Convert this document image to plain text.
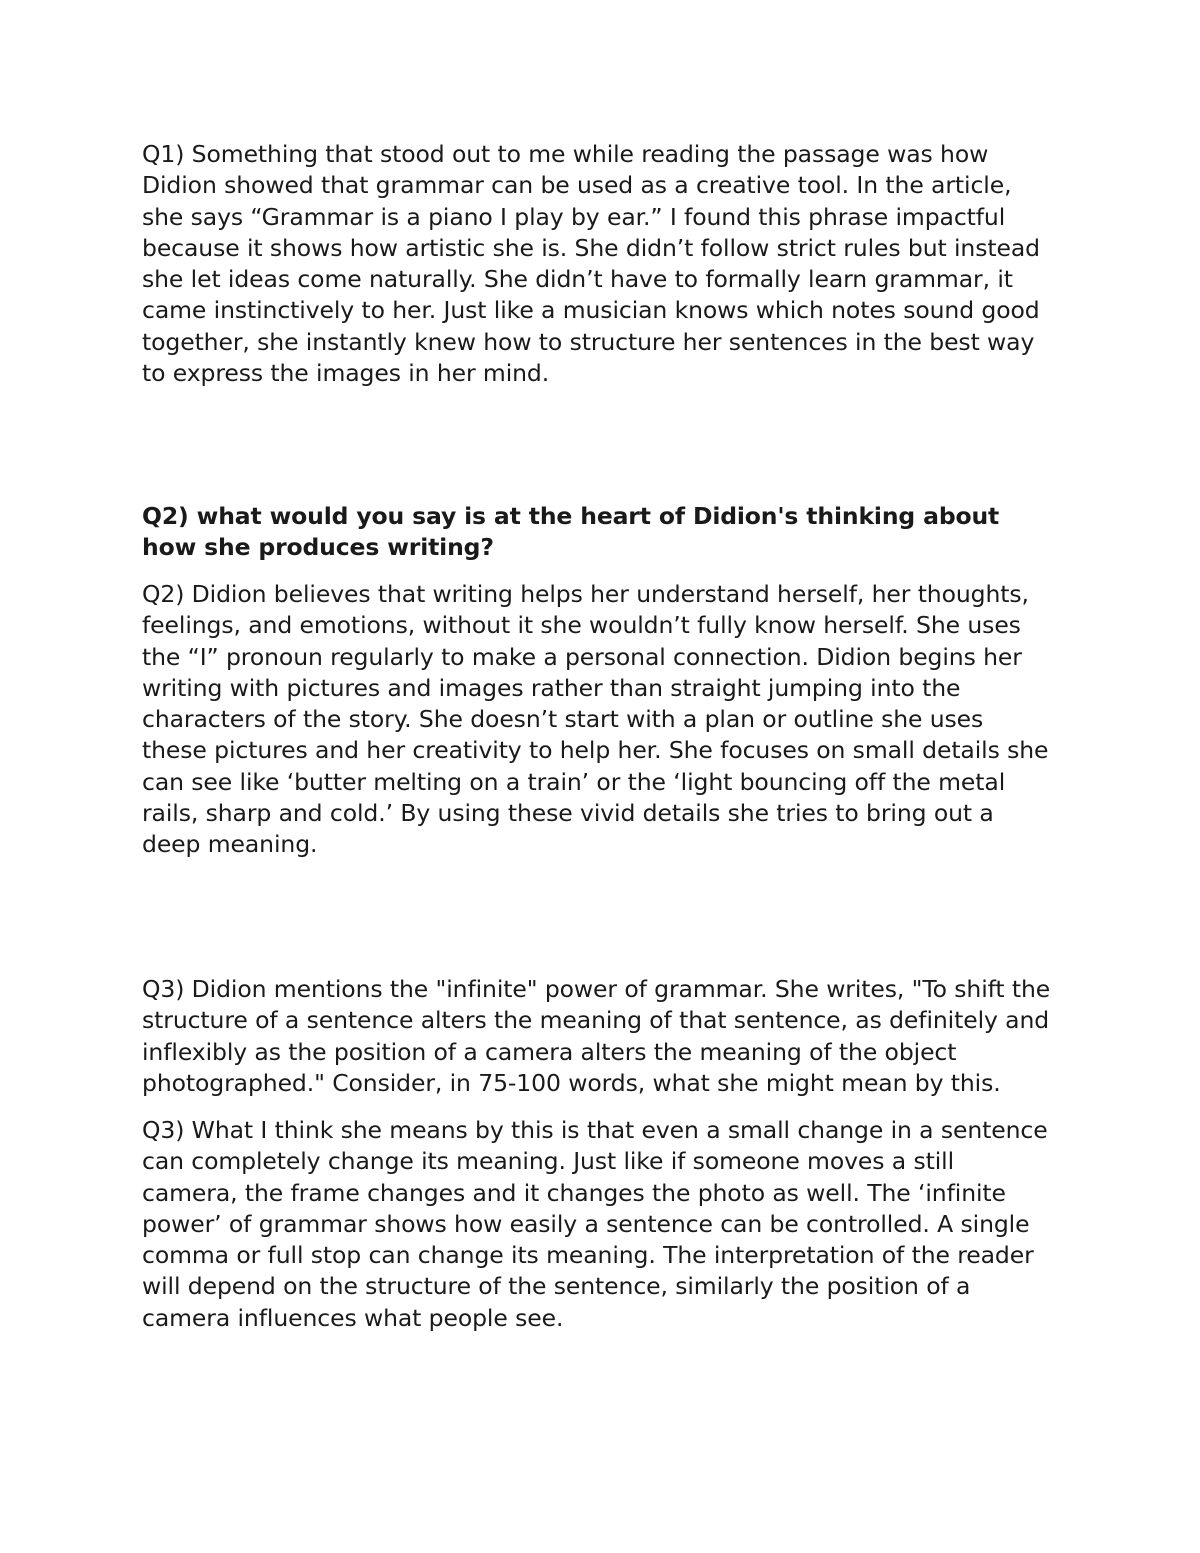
Q1) Something that stood out to me while reading the passage was how
Didion showed that grammar can be used as a creative tool. In the article,
she says “Grammar is a piano I play by ear.” I found this phrase impactful
because it shows how artistic she is. She didn’t follow strict rules but instead
she let ideas come naturally. She didn’t have to formally learn grammar, it
came instinctively to her. Just like a musician knows which notes sound good
together, she instantly knew how to structure her sentences in the best way
to express the images in her mind.

Q2) what would you say is at the heart of Didion's thinking about
how she produces writing?

Q2) Didion believes that writing helps her understand herself, her thoughts,
feelings, and emotions, without it she wouldn’t fully know herself. She uses
the “I” pronoun regularly to make a personal connection. Didion begins her
writing with pictures and images rather than straight jumping into the
characters of the story. She doesn’t start with a plan or outline she uses
these pictures and her creativity to help her. She focuses on small details she
can see like ‘butter melting on a train’ or the ‘light bouncing off the metal
rails, sharp and cold.’ By using these vivid details she tries to bring out a
deep meaning.

Q3) Didion mentions the "infinite" power of grammar. She writes, "To shift the
structure of a sentence alters the meaning of that sentence, as definitely and
inflexibly as the position of a camera alters the meaning of the object
photographed." Consider, in 75-100 words, what she might mean by this.

Q3) What I think she means by this is that even a small change in a sentence
can completely change its meaning. Just like if someone moves a still
camera, the frame changes and it changes the photo as well. The ‘infinite
power’ of grammar shows how easily a sentence can be controlled. A single
comma or full stop can change its meaning. The interpretation of the reader
will depend on the structure of the sentence, similarly the position of a
camera influences what people see.
